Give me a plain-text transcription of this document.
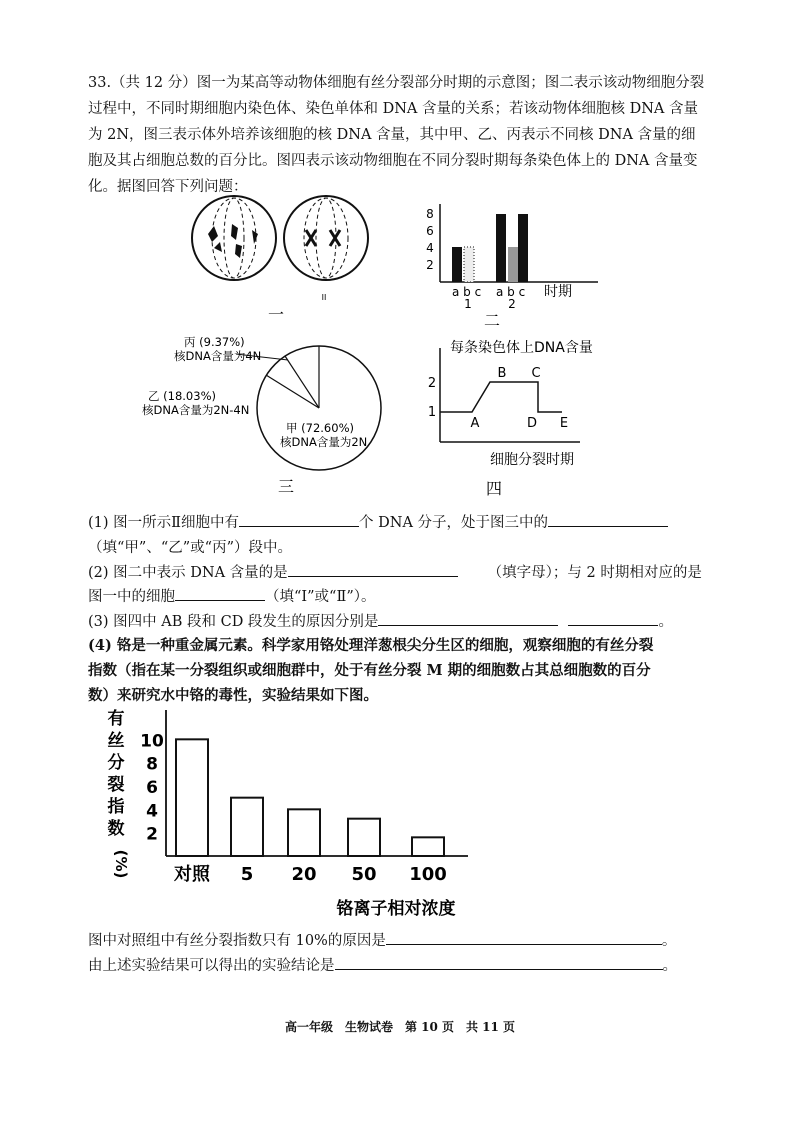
33.（共 12 分）图一为某高等动物体细胞有丝分裂部分时期的示意图；图二表示该动物细胞分裂过程中，不同时期细胞内染色体、染色单体和 DNA 含量的关系；若该动物体细胞核 DNA 含量为 2N，图三表示体外培养该细胞的核 DNA 含量，其中甲、乙、丙表示不同核 DNA 含量的细胞及其占细胞总数的百分比。图四表示该动物细胞在不同分裂时期每条染色体上的 DNA 含量变化。据图回答下列问题：
II
一
8
6
4
2
a b c a b c
1	2
时期
二
丙 (9.37%)
核DNA含量为4N
乙 (18.03%)
核DNA含量为2N-4N
甲 (72.60%)
核DNA含量为2N
三
每条染色体上DNA含量
2
1
A
B C
D E
细胞分裂时期
四
(1) 图一所示Ⅱ细胞中有	个 DNA 分子，处于图三中的
（填“甲”、“乙”或“丙”）段中。
(2) 图二中表示 DNA 含量的是	（填字母）；与 2 时期相对应的是
图一中的细胞	（填“Ⅰ”或“Ⅱ”）。
(3) 图四中 AB 段和 CD 段发生的原因分别是	。
(4) 铬是一种重金属元素。科学家用铬处理洋葱根尖分生区的细胞，观察细胞的有丝分裂
指数（指在某一分裂组织或细胞群中，处于有丝分裂 M 期的细胞数占其总细胞数的百分
数）来研究水中铬的毒性，实验结果如下图。
有
丝
分
裂
指
数
(%)
2
4
6
8
10
对照 5 20 50 100
铬离子相对浓度
图中对照组中有丝分裂指数只有 10%的原因是	。
由上述实验结果可以得出的实验结论是	。
高一年级　生物试卷　第 10 页　共 11 页
